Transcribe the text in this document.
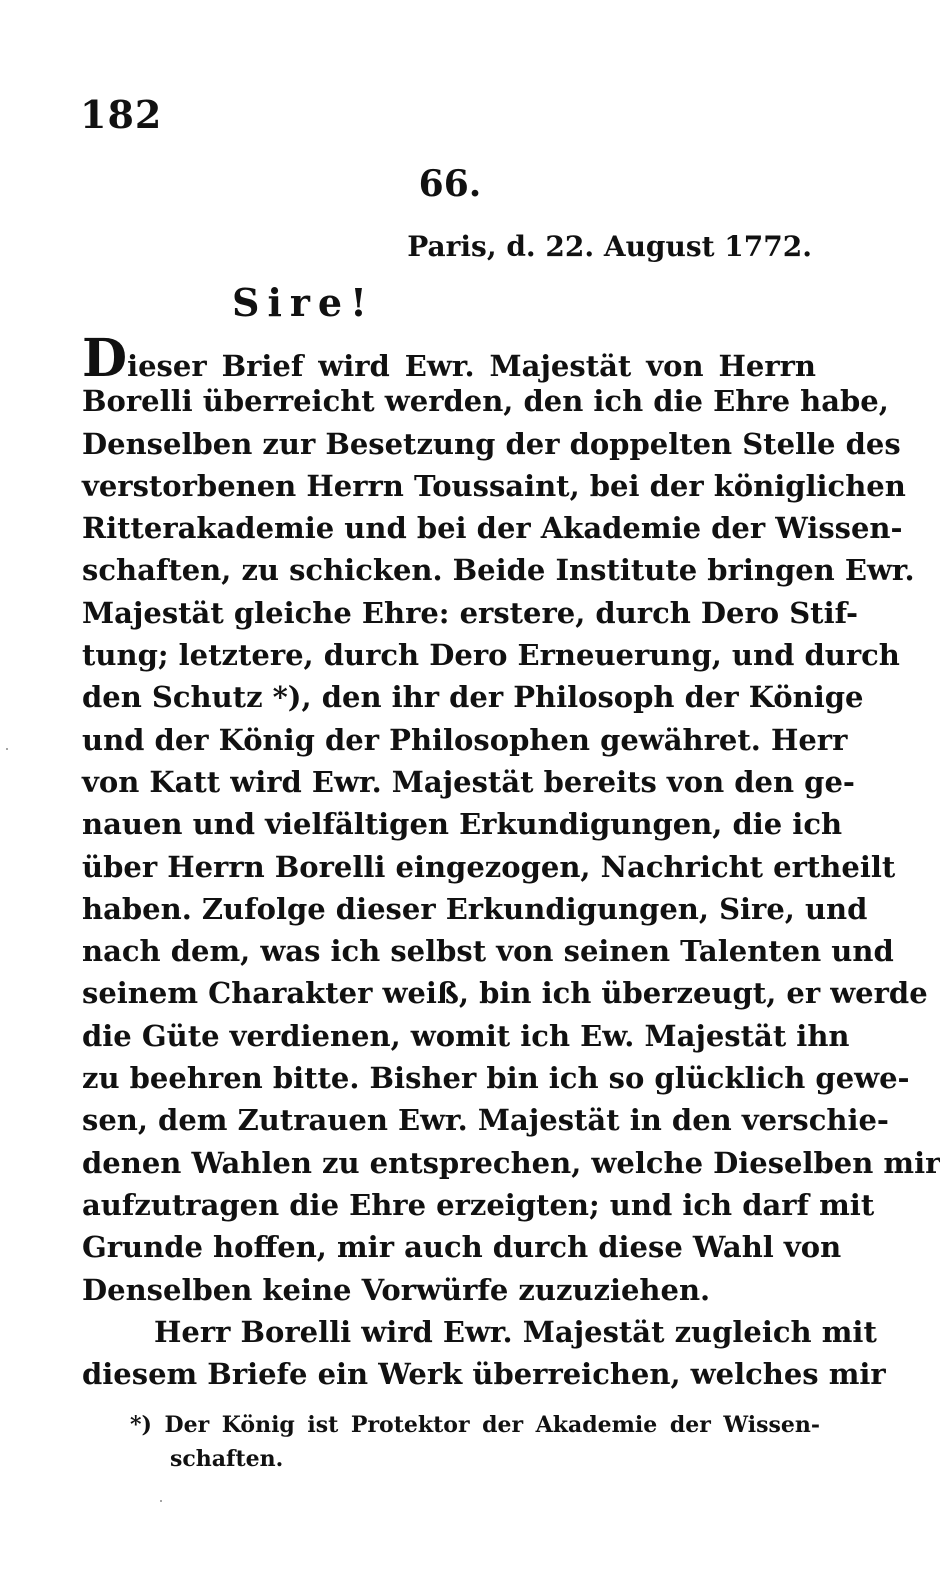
182
66.
Paris, d. 22. August 1772.
Sire!
Dieser Brief wird Ewr. Majestät von Herrn
Borelli überreicht werden, den ich die Ehre habe,
Denselben zur Besetzung der doppelten Stelle des
verstorbenen Herrn Toussaint, bei der königlichen
Ritterakademie und bei der Akademie der Wissen-
schaften, zu schicken. Beide Institute bringen Ewr.
Majestät gleiche Ehre: erstere, durch Dero Stif-
tung; letztere, durch Dero Erneuerung, und durch
den Schutz *), den ihr der Philosoph der Könige
und der König der Philosophen gewähret. Herr
von Katt wird Ewr. Majestät bereits von den ge-
nauen und vielfältigen Erkundigungen, die ich
über Herrn Borelli eingezogen, Nachricht ertheilt
haben. Zufolge dieser Erkundigungen, Sire, und
nach dem, was ich selbst von seinen Talenten und
seinem Charakter weiß, bin ich überzeugt, er werde
die Güte verdienen, womit ich Ew. Majestät ihn
zu beehren bitte. Bisher bin ich so glücklich gewe-
sen, dem Zutrauen Ewr. Majestät in den verschie-
denen Wahlen zu entsprechen, welche Dieselben mir
aufzutragen die Ehre erzeigten; und ich darf mit
Grunde hoffen, mir auch durch diese Wahl von
Denselben keine Vorwürfe zuzuziehen.
Herr Borelli wird Ewr. Majestät zugleich mit
diesem Briefe ein Werk überreichen, welches mir
*) Der König ist Protektor der Akademie der Wissen-
schaften.
